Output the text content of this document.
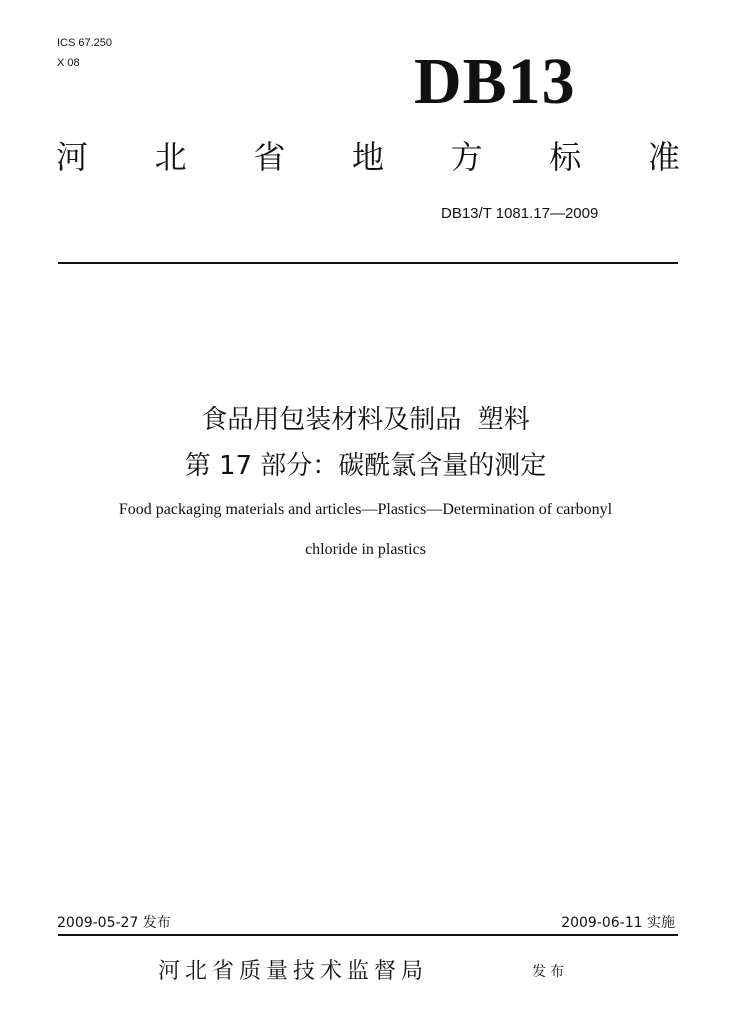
ICS 67.250
X 08	DB13
河 北 省 地 方 标 准
DB13/T 1081.17—2009
食品用包装材料及制品  塑料
第 17 部分：碳酰氯含量的测定
Food packaging materials and articles—Plastics—Determination of carbonyl
chloride in plastics
2009-05-27 发布	2009-06-11 实施
河北省质量技术监督局	发布
